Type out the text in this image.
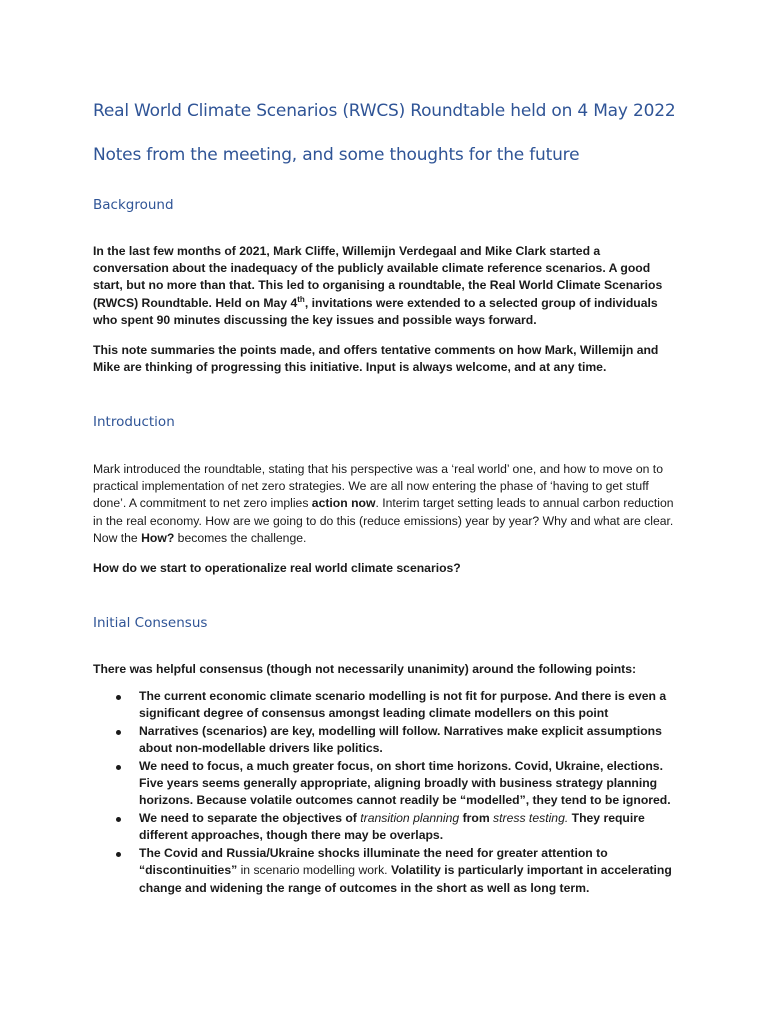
Real World Climate Scenarios (RWCS) Roundtable held on 4 May 2022
Notes from the meeting, and some thoughts for the future
Background

In the last few months of 2021, Mark Cliffe, Willemijn Verdegaal and Mike Clark started a conversation about the inadequacy of the publicly available climate reference scenarios. A good start, but no more than that. This led to organising a roundtable, the Real World Climate Scenarios (RWCS) Roundtable. Held on May 4th, invitations were extended to a selected group of individuals who spent 90 minutes discussing the key issues and possible ways forward.

This note summaries the points made, and offers tentative comments on how Mark, Willemijn and Mike are thinking of progressing this initiative. Input is always welcome, and at any time.

Introduction

Mark introduced the roundtable, stating that his perspective was a ‘real world’ one, and how to move on to practical implementation of net zero strategies. We are all now entering the phase of ‘having to get stuff done’. A commitment to net zero implies action now. Interim target setting leads to annual carbon reduction in the real economy. How are we going to do this (reduce emissions) year by year? Why and what are clear. Now the How? becomes the challenge.

How do we start to operationalize real world climate scenarios?

Initial Consensus

There was helpful consensus (though not necessarily unanimity) around the following points:

The current economic climate scenario modelling is not fit for purpose. And there is even a significant degree of consensus amongst leading climate modellers on this point
Narratives (scenarios) are key, modelling will follow. Narratives make explicit assumptions about non-modellable drivers like politics.
We need to focus, a much greater focus, on short time horizons. Covid, Ukraine, elections. Five years seems generally appropriate, aligning broadly with business strategy planning horizons. Because volatile outcomes cannot readily be “modelled”, they tend to be ignored.
We need to separate the objectives of transition planning from stress testing. They require different approaches, though there may be overlaps.
The Covid and Russia/Ukraine shocks illuminate the need for greater attention to “discontinuities” in scenario modelling work. Volatility is particularly important in accelerating change and widening the range of outcomes in the short as well as long term.
